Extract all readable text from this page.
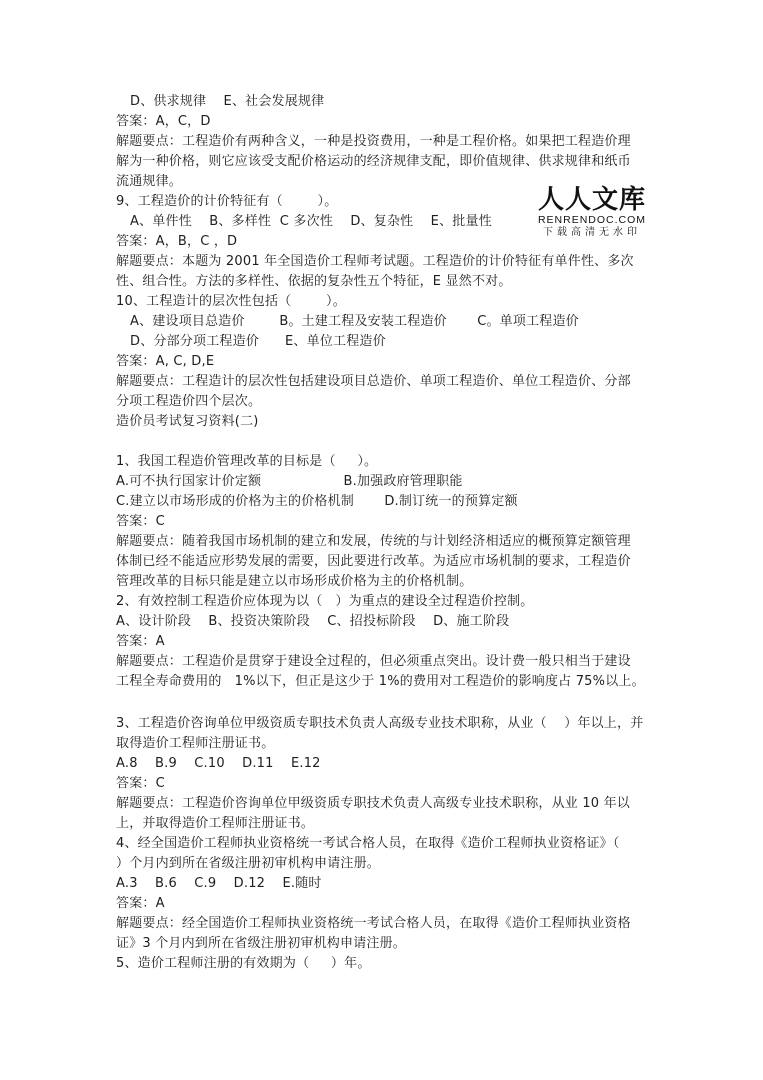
D、供求规律    E、社会发展规律
答案：A，C，D
解题要点：工程造价有两种含义，一种是投资费用，一种是工程价格。如果把工程造价理
解为一种价格，则它应该受支配价格运动的经济规律支配，即价值规律、供求规律和纸币
流通规律。
9、工程造价的计价特征有（        ）。
A、单件性    B、多样性  C 多次性    D、复杂性    E、批量性
答案：A，B，C ，D
解题要点：本题为 2001 年全国造价工程师考试题。工程造价的计价特征有单件性、多次
性、组合性。方法的多样性、依据的复杂性五个特征，E 显然不对。
10、工程造计的层次性包括（        ）。
A、建设项目总造价        B。土建工程及安装工程造价       C。单项工程造价
D、分部分项工程造价      E、单位工程造价
答案：A, C, D,E
解题要点：工程造计的层次性包括建设项目总造价、单项工程造价、单位工程造价、分部
分项工程造价四个层次。
造价员考试复习资料(二)
1、我国工程造价管理改革的目标是（     ）。
A.可不执行国家计价定额                   B.加强政府管理职能
C.建立以市场形成的价格为主的价格机制       D.制订统一的预算定额
答案：C
解题要点：随着我国市场机制的建立和发展，传统的与计划经济相适应的概预算定额管理
体制已经不能适应形势发展的需要，因此要进行改革。为适应市场机制的要求，工程造价
管理改革的目标只能是建立以市场形成价格为主的价格机制。
2、有效控制工程造价应体现为以（   ）为重点的建设全过程造价控制。
A、设计阶段    B、投资决策阶段    C、招投标阶段    D、施工阶段
答案：A
解题要点：工程造价是贯穿于建设全过程的，但必须重点突出。设计费一般只相当于建设
工程全寿命费用的   1%以下，但正是这少于 1%的费用对工程造价的影响度占 75%以上。
3、工程造价咨询单位甲级资质专职技术负责人高级专业技术职称，从业（    ）年以上，并
取得造价工程师注册证书。
A.8    B.9    C.10    D.11    E.12
答案：C
解题要点：工程造价咨询单位甲级资质专职技术负责人高级专业技术职称，从业 10 年以
上，并取得造价工程师注册证书。
4、经全国造价工程师执业资格统一考试合格人员，在取得《造价工程师执业资格证》（
）个月内到所在省级注册初审机构申请注册。
A.3    B.6    C.9    D.12    E.随时
答案：A
解题要点：经全国造价工程师执业资格统一考试合格人员，在取得《造价工程师执业资格
证》3 个月内到所在省级注册初审机构申请注册。
5、造价工程师注册的有效期为（     ）年。
人人文库
RENRENDOC.COM
下载高清无水印
